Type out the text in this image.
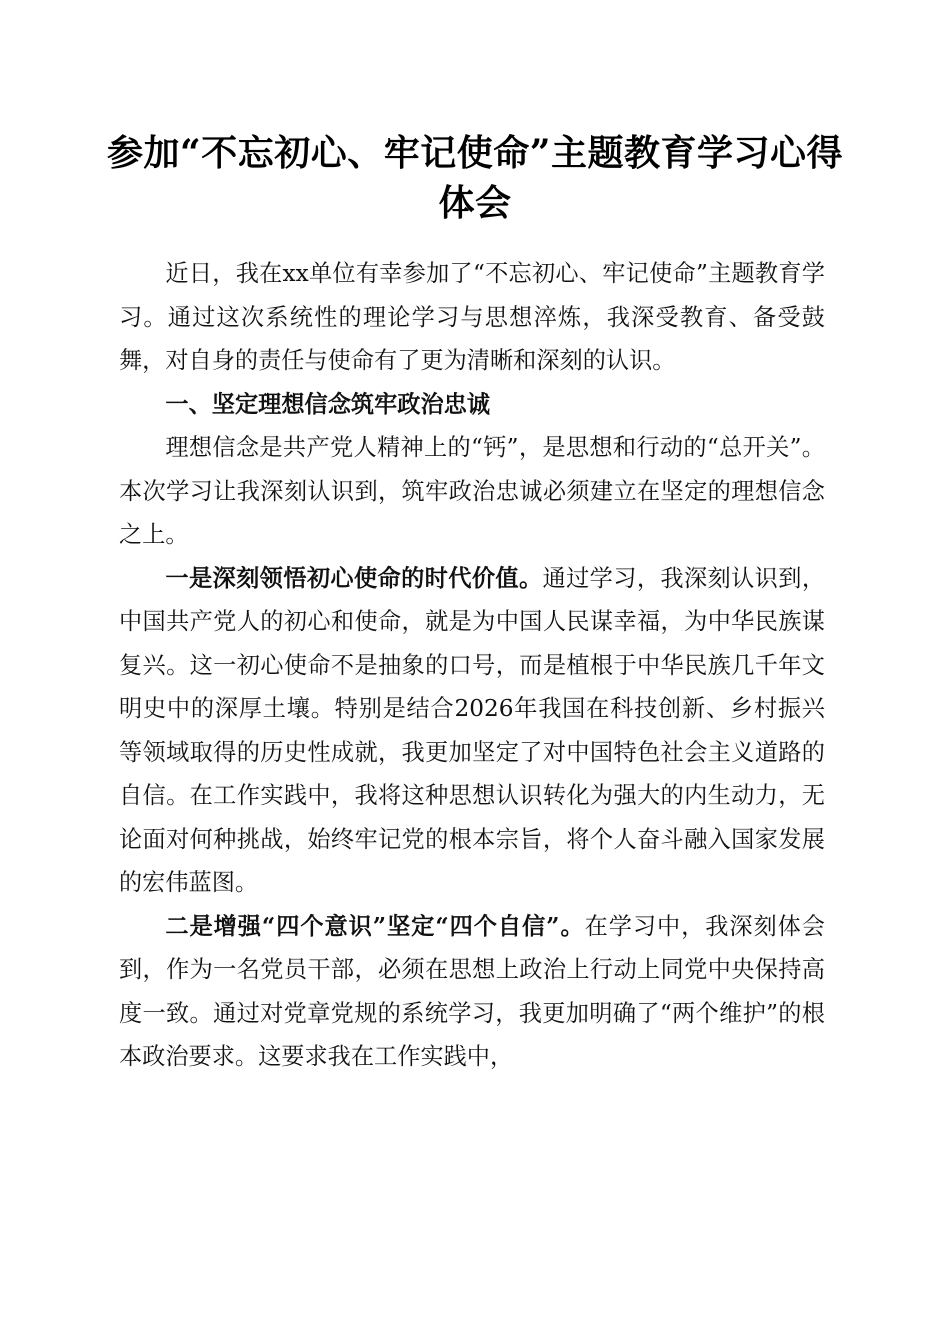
参加“不忘初心、牢记使命”主题教育学习心得体会

近日，我在xx单位有幸参加了“不忘初心、牢记使命”主题教育学习。通过这次系统性的理论学习与思想淬炼，我深受教育、备受鼓舞，对自身的责任与使命有了更为清晰和深刻的认识。

一、坚定理想信念筑牢政治忠诚

理想信念是共产党人精神上的“钙”，是思想和行动的“总开关”。本次学习让我深刻认识到，筑牢政治忠诚必须建立在坚定的理想信念之上。

一是深刻领悟初心使命的时代价值。通过学习，我深刻认识到，中国共产党人的初心和使命，就是为中国人民谋幸福，为中华民族谋复兴。这一初心使命不是抽象的口号，而是植根于中华民族几千年文明史中的深厚土壤。特别是结合2026年我国在科技创新、乡村振兴等领域取得的历史性成就，我更加坚定了对中国特色社会主义道路的自信。在工作实践中，我将这种思想认识转化为强大的内生动力，无论面对何种挑战，始终牢记党的根本宗旨，将个人奋斗融入国家发展的宏伟蓝图。

二是增强“四个意识”坚定“四个自信”。在学习中，我深刻体会到，作为一名党员干部，必须在思想上政治上行动上同党中央保持高度一致。通过对党章党规的系统学习，我更加明确了“两个维护”的根本政治要求。这要求我在工作实践中，
